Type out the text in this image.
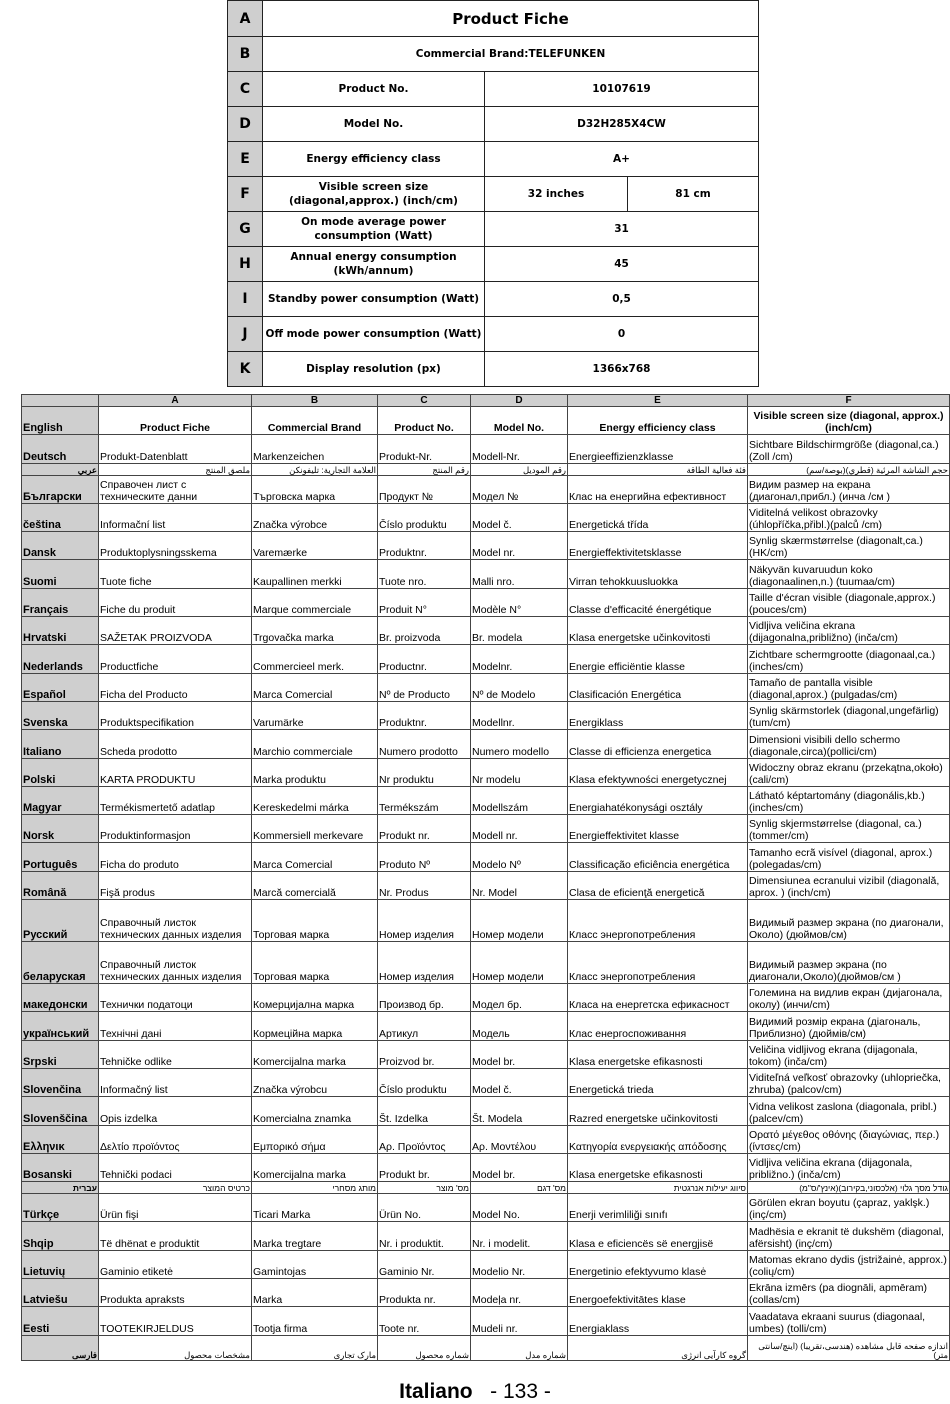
A	Product Fiche		
B	Commercial Brand:TELEFUNKEN		
C	Product No.	10107619	
D	Model No.	D32H285X4CW	
E	Energy efficiency class	A+	
F	Visible screen size (diagonal,approx.) (inch/cm)	32 inches	81 cm
G	On mode average power consumption (Watt)	31	
H	Annual energy consumption (kWh/annum)	45	
I	Standby power consumption (Watt)	0,5	
J	Off mode power consumption (Watt)	0	
K	Display resolution (px)	1366x768	
	A	B	C	D	E	F
English	Product Fiche	Commercial Brand	Product No.	Model No.	Energy efficiency class	Visible screen size (diagonal, approx.) (inch/cm)
Deutsch	Produkt-Datenblatt	Markenzeichen	Produkt-Nr.	Modell-Nr.	Energieeffizienzklasse	Sichtbare Bildschirmgröße (diagonal,ca.) (Zoll /cm)
عربي	ملصق المنتج	العلامة التجارية: تليفونكن	رقم المنتج	رقم الموديل	فئة فعالية الطاقة	حجم الشاشة المرئية (قطري)(بوصة/سم)
Български	Справочен лист с техническите данни	Търговска марка	Продукт №	Модел №	Клас на енергийна ефективност	Видим размер на екрана (диагонал,прибл.) (инча /см )
čeština	Informační list	Značka výrobce	Číslo produktu	Model č.	Energetická třída	Viditelná velikost obrazovky (úhlopříčka,přibl.)(palců /cm)
Dansk	Produktoplysningsskema	Varemærke	Produktnr.	Model nr.	Energieffektivitetsklasse	Synlig skærmstørrelse (diagonalt,ca.) (HK/cm)
Suomi	Tuote fiche	Kaupallinen merkki	Tuote nro.	Malli nro.	Virran tehokkuusluokka	Näkyvän kuvaruudun koko (diagonaalinen,n.) (tuumaa/cm)
Français	Fiche du produit	Marque commerciale	Produit N°	Modèle N°	Classe d'efficacité énergétique	Taille d'écran visible (diagonale,approx.) (pouces/cm)
Hrvatski	SAŽETAK PROIZVODA	Trgovačka marka	Br. proizvoda	Br. modela	Klasa energetske učinkovitosti	Vidljiva veličina ekrana (dijagonalna,približno) (inča/cm)
Nederlands	Productfiche	Commercieel merk.	Productnr.	Modelnr.	Energie efficiëntie klasse	Zichtbare schermgrootte (diagonaal,ca.) (inches/cm)
Español	Ficha del Producto	Marca Comercial	Nº de Producto	Nº de Modelo	Clasificación Energética	Tamaño de pantalla visible (diagonal,aprox.) (pulgadas/cm)
Svenska	Produktspecifikation	Varumärke	Produktnr.	Modellnr.	Energiklass	Synlig skärmstorlek (diagonal,ungefärlig) (tum/cm)
Italiano	Scheda prodotto	Marchio commerciale	Numero prodotto	Numero modello	Classe di efficienza energetica	Dimensioni visibili dello schermo (diagonale,circa)(pollici/cm)
Polski	KARTA PRODUKTU	Marka produktu	Nr produktu	Nr modelu	Klasa efektywności energetycznej	Widoczny obraz ekranu (przekątna,około)(cali/cm)
Magyar	Termékismertető adatlap	Kereskedelmi márka	Termékszám	Modellszám	Energiahatékonysági osztály	Látható képtartomány (diagonális,kb.) (inches/cm)
Norsk	Produktinformasjon	Kommersiell merkevare	Produkt nr.	Modell nr.	Energieffektivitet klasse	Synlig skjermstørrelse (diagonal, ca.) (tommer/cm)
Português	Ficha do produto	Marca Comercial	Produto Nº	Modelo Nº	Classificação eficiência energética	Tamanho ecrã visível (diagonal, aprox.) (polegadas/cm)
Română	Fişă produs	Marcă comercială	Nr. Produs	Nr. Model	Clasa de eficienţă energetică	Dimensiunea ecranului vizibil (diagonală, aprox. ) (inch/cm)
Русский	Справочный листок технических данных изделия	Торговая марка	Номер изделия	Номер модели	Класс энергопотребления	Видимый размер экрана (по диагонали, Около) (дюймов/см)
беларуская	Справочный листок технических данных изделия	Торговая марка	Номер изделия	Номер модели	Класс энергопотребления	Видимый размер экрана (по диагонали,Около)(дюймов/см )
македонски	Технички податоци	Комерцијална марка	Производ бр.	Модел бр.	Класа на енергетска ефикасност	Големина на видлив екран (дијагонала, околу) (инчи/cm)
український	Технічні дані	Кормеційна марка	Артикул	Модель	Клас енергоспоживання	Видимий розмір екрана (діагональ, Приблизно) (дюймів/см)
Srpski	Tehničke odlike	Komercijalna marka	Proizvod br.	Model br.	Klasa energetske efikasnosti	Veličina vidljivog ekrana (dijagonala, tokom) (inča/cm)
Slovenčina	Informačný list	Značka výrobcu	Číslo produktu	Model č.	Energetická trieda	Viditeľná veľkosť obrazovky (uhlopriečka, zhruba) (palcov/cm)
Slovenščina	Opis izdelka	Komercialna znamka	Št. Izdelka	Št. Modela	Razred energetske učinkovitosti	Vidna velikost zaslona (diagonala, pribl.) (palcev/cm)
Ελληνικ	Δελτίο προϊόντος	Εμπορικό σήμα	Αρ. Προϊόντος	Αρ. Μοντέλου	Κατηγορία ενεργειακής απόδοσης	Ορατό μέγεθος οθόνης (διαγώνιας, περ.) (ίντσες/cm)
Bosanski	Tehnički podaci	Komercijalna marka	Produkt br.	Model br.	Klasa energetske efikasnosti	Vidljiva veličina ekrana (dijagonala, približno.) (inča/cm)
עברית	כרטיס המוצר	מותג מסחרי	מס' מוצר	מס' דגם	סיווג יעילות אנרגטית	גודל מסך גלוי (אלכסוני,בקירוב)(אינץ'/ס"מ)
Türkçe	Ürün fişi	Ticari Marka	Ürün No.	Model No.	Enerji verimliliği sınıfı	Görülen ekran boyutu (çapraz, yaklşk.) (inç/cm)
Shqip	Të dhënat e produktit	Marka tregtare	Nr. i produktit.	Nr. i modelit.	Klasa e eficiencës së energjisë	Madhësia e ekranit të dukshëm (diagonal, afërsisht) (inç/cm)
Lietuvių	Gaminio etiketė	Gamintojas	Gaminio Nr.	Modelio Nr.	Energetinio efektyvumo klasė	Matomas ekrano dydis (įstrižainė, approx.) (colių/cm)
Latviešu	Produkta apraksts	Marka	Produkta nr.	Modeļa nr.	Energoefektivitātes klase	Ekrāna izmērs (pa diognāli, apmēram) (collas/cm)
Eesti	TOOTEKIRJELDUS	Tootja firma	Toote nr.	Mudeli nr.	Energiaklass	Vaadatava ekraani suurus (diagonaal, umbes) (tolli/cm)
فارسی	مشخصات محصول	مارک تجاری	شماره محصول	شماره مدل	گروه کارآیی انرژی	اندازه صفحه قابل مشاهده (هندسی،تقریبا) (اینچ/سانتی متر)
Italiano - 133 -
